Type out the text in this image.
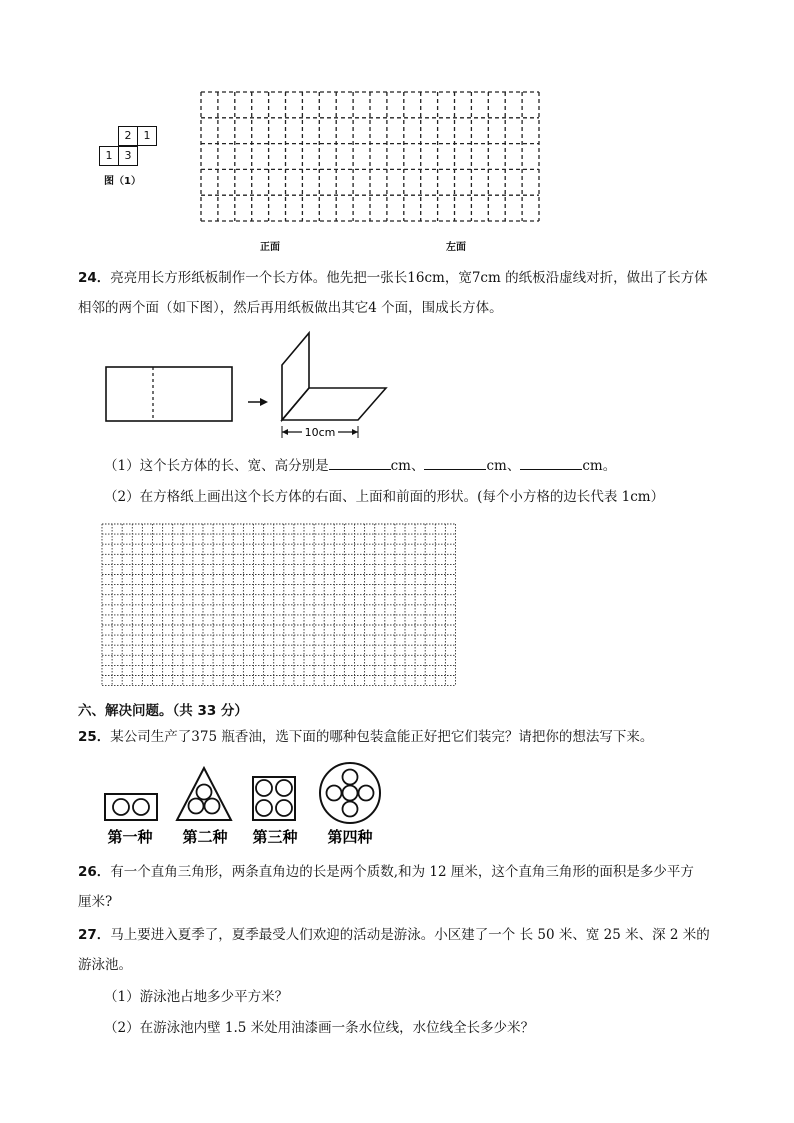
2	1
1	3
图（1）
正面	左面
24．亮亮用长方形纸板制作一个长方体。他先把一张长16cm，宽7cm 的纸板沿虚线对折，做出了长方体
相邻的两个面（如下图），然后再用纸板做出其它4 个面，围成长方体。
10cm
（1）这个长方体的长、宽、高分别是	cm、	cm、	cm。
（2）在方格纸上画出这个长方体的右面、上面和前面的形状。(每个小方格的边长代表 1cm）
六、解决问题。（共 33 分）
25．某公司生产了375 瓶香油，选下面的哪种包装盒能正好把它们装完？请把你的想法写下来。
第一种 第二种 第三种 第四种
26．有一个直角三角形，两条直角边的长是两个质数,和为 12 厘米，这个直角三角形的面积是多少平方
厘米?
27．马上要进入夏季了，夏季最受人们欢迎的活动是游泳。小区建了一个 长 50 米、宽 25 米、深 2 米的
游泳池。
（1）游泳池占地多少平方米？
（2）在游泳池内壁 1.5 米处用油漆画一条水位线，水位线全长多少米？
